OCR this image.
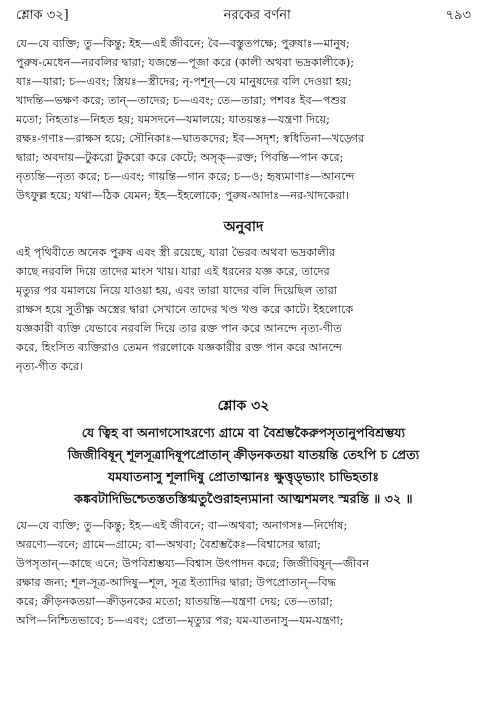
শ্লোক ৩২]	নরকের বর্ণনা	৭৯৩

যে—যে ব্যক্তি; তু—কিন্তু; ইহ—এই জীবনে; বৈ—বস্তুতপক্ষে; পুরুষাঃ—মানুষ;

পুরুষ-মেধেন—নরবলির দ্বারা; যজন্তে—পূজা করে (কালী অথবা ভদ্রকালীকে);

যাঃ—যারা; চ—এবং; স্ত্রিয়ঃ—স্ত্রীদের; নৃ-পশূন্—যে মানুষদের বলি দেওয়া হয়;

খাদন্তি—ভক্ষণ করে; তান্—তাদের; চ—এবং; তে—তারা; পশবঃ ইব—পশুর

মতো; নিহতাঃ—নিহত হয়; যমসদনে—যমালয়ে; যাতয়ন্তঃ—যন্ত্রণা দিয়ে;

রক্ষঃ-গণাঃ—রাক্ষস হয়ে; সৌনিকাঃ—ঘাতকদের; ইব—সদৃশ; স্বধিতিনা—খড়্গের

দ্বারা; অবদায়—টুকরো টুকরো করে কেটে; অসৃক্—রক্ত; পিবন্তি—পান করে;

নৃত্যন্তি—নৃত্য করে; চ—এবং; গায়ন্তি—গান করে; চ—ও; হৃষ্যমাণাঃ—আনন্দে

উৎফুল্ল হয়ে; যথা—ঠিক যেমন; ইহ—ইহলোকে; পুরুষ-আদাঃ—নর-খাদকেরা।

অনুবাদ

এই পৃথিবীতে অনেক পুরুষ এবং স্ত্রী রয়েছে, যারা ভৈরব অথবা ভদ্রকালীর

কাছে নরবলি দিয়ে তাদের মাংস খায়। যারা এই ধরনের যজ্ঞ করে, তাদের

মৃত্যুর পর যমালয়ে নিয়ে যাওয়া হয়, এবং তারা যাদের বলি দিয়েছিল তারা

রাক্ষস হয়ে সুতীক্ষ্ণ অস্ত্রের দ্বারা সেখানে তাদের খণ্ড খণ্ড করে কাটে। ইহলোকে

যজ্ঞকারী ব্যক্তি যেভাবে নরবলি দিয়ে তার রক্ত পান করে আনন্দে নৃত্য-গীত

করে, হিংসিত ব্যক্তিরাও তেমন পরলোকে যজ্ঞকারীর রক্ত পান করে আনন্দে

নৃত্য-গীত করে।

শ্লোক ৩২

যে ত্বিহ বা অনাগসোঽরণ্যে গ্রামে বা বৈশ্রম্ভকৈরুপসৃতানুপবিশ্রম্ভয্য

জিজীবিষূন্ শূলসূত্রাদিষূপপ্রোতান্ ক্রীড়নকতয়া যাতয়ন্তি তেঽপি চ প্রেত্য

যমযাতনাসু শূলাদিষু প্রোতাত্মানঃ ক্ষুত্তৃড্ভ্যাং চাভিহতাঃ

কঙ্কবটাদিভিশ্চেতস্ততস্তিগ্মতুণ্ডৈরাহন্যমানা আত্মশমলং স্মরন্তি ॥ ৩২ ॥

যে—যে ব্যক্তি; তু—কিন্তু; ইহ—এই জীবনে; বা—অথবা; অনাগসঃ—নির্দোষ;

অরণ্যে—বনে; গ্রামে—গ্রামে; বা—অথবা; বৈশ্রম্ভকৈঃ—বিশ্বাসের দ্বারা;

উপসৃতান্—কাছে এনে; উপবিশ্রম্ভয্য—বিশ্বাস উৎপাদন করে; জিজীবিষূন্—জীবন

রক্ষার জন্য; শূল-সূত্র-আদিষু—শূল, সূত্র ইত্যাদির দ্বারা; উপপ্রোতান্—বিদ্ধ

করে; ক্রীড়নকতয়া—ক্রীড়নকের মতো; যাতয়ন্তি—যন্ত্রণা দেয়; তে—তারা;

অপি—নিশ্চিতভাবে; চ—এবং; প্রেত্য—মৃত্যুর পর; যম-যাতনাসু—যম-যন্ত্রণা;
